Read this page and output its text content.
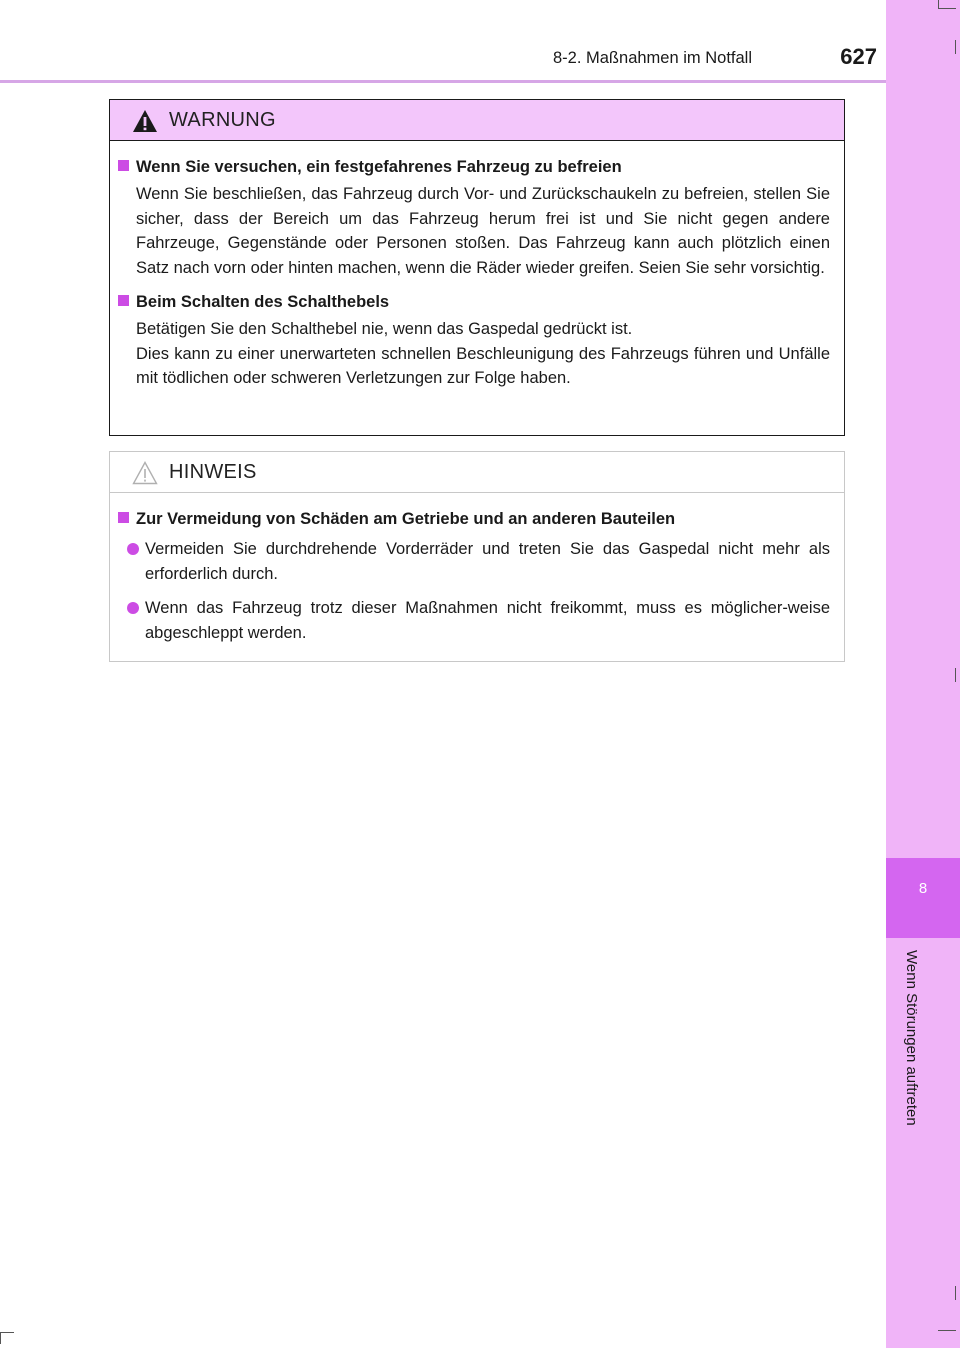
8-2. Maßnahmen im Notfall	627
8
Wenn Störungen auftreten
WARNUNG
Wenn Sie versuchen, ein festgefahrenes Fahrzeug zu befreien
Wenn Sie beschließen, das Fahrzeug durch Vor- und Zurückschaukeln zu befreien, stellen Sie sicher, dass der Bereich um das Fahrzeug herum frei ist und Sie nicht gegen andere Fahrzeuge, Gegenstände oder Personen stoßen. Das Fahrzeug kann auch plötzlich einen Satz nach vorn oder hinten machen, wenn die Räder wieder greifen. Seien Sie sehr vorsichtig.
Beim Schalten des Schalthebels
Betätigen Sie den Schalthebel nie, wenn das Gaspedal gedrückt ist.
Dies kann zu einer unerwarteten schnellen Beschleunigung des Fahrzeugs führen und Unfälle mit tödlichen oder schweren Verletzungen zur Folge haben.
HINWEIS
Zur Vermeidung von Schäden am Getriebe und an anderen Bauteilen
Vermeiden Sie durchdrehende Vorderräder und treten Sie das Gaspedal nicht mehr als erforderlich durch.
Wenn das Fahrzeug trotz dieser Maßnahmen nicht freikommt, muss es möglicher-weise abgeschleppt werden.
